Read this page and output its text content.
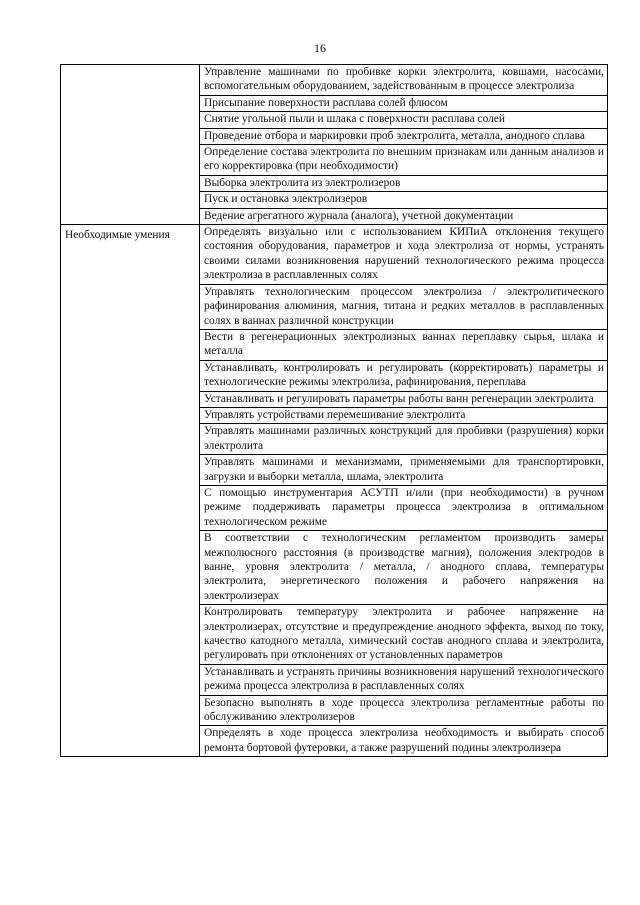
16
	Управление машинами по пробивке корки электролита, ковшами, насосами, вспомогательным оборудованием, задействованным в процессе электролиза
	Присыпание поверхности расплава солей флюсом
	Снятие угольной пыли и шлака с поверхности расплава солей
	Проведение отбора и маркировки проб электролита, металла, анодного сплава
	Определение состава электролита по внешним признакам или данным анализов и его корректировка (при необходимости)
	Выборка электролита из электролизеров
	Пуск и остановка электролизеров
	Ведение агрегатного журнала (аналога), учетной документации
Необходимые умения	Определять визуально или с использованием КИПиА отклонения текущего состояния оборудования, параметров и хода электролиза от нормы, устранять своими силами возникновения нарушений технологического режима процесса электролиза в расплавленных солях
	Управлять технологическим процессом электролиза / электролитического рафинирования алюминия, магния, титана и редких металлов в расплавленных солях в ваннах различной конструкции
	Вести в регенерационных электролизных ваннах переплавку сырья, шлака и металла
	Устанавливать, контролировать и регулировать (корректировать) параметры и технологические режимы электролиза, рафинирования, переплава
	Устанавливать и регулировать параметры работы ванн регенерации электролита
	Управлять устройствами перемешивание электролита
	Управлять машинами различных конструкций для пробивки (разрушения) корки электролита
	Управлять машинами и механизмами, применяемыми для транспортировки, загрузки и выборки металла, шлама, электролита
	С помощью инструментария АСУТП и/или (при необходимости) в ручном режиме поддерживать параметры процесса электролиза в оптимальном технологическом режиме
	В соответствии с технологическим регламентом производить замеры межполюсного расстояния (в производстве магния), положения электродов в ванне, уровня электролита / металла, / анодного сплава, температуры электролита, энергетического положения и рабочего напряжения на электролизерах
	Контролировать температуру электролита и рабочее напряжение на электролизерах, отсутствие и предупреждение анодного эффекта, выход по току, качество катодного металла, химический состав анодного сплава и электролита, регулировать при отклонениях от установленных параметров
	Устанавливать и устранять причины возникновения нарушений технологического режима процесса электролиза в расплавленных солях
	Безопасно выполнять в ходе процесса электролиза регламентные работы по обслуживанию электролизеров
	Определять в ходе процесса электролиза необходимость и выбирать способ ремонта бортовой футеровки, а также разрушений подины электролизера
